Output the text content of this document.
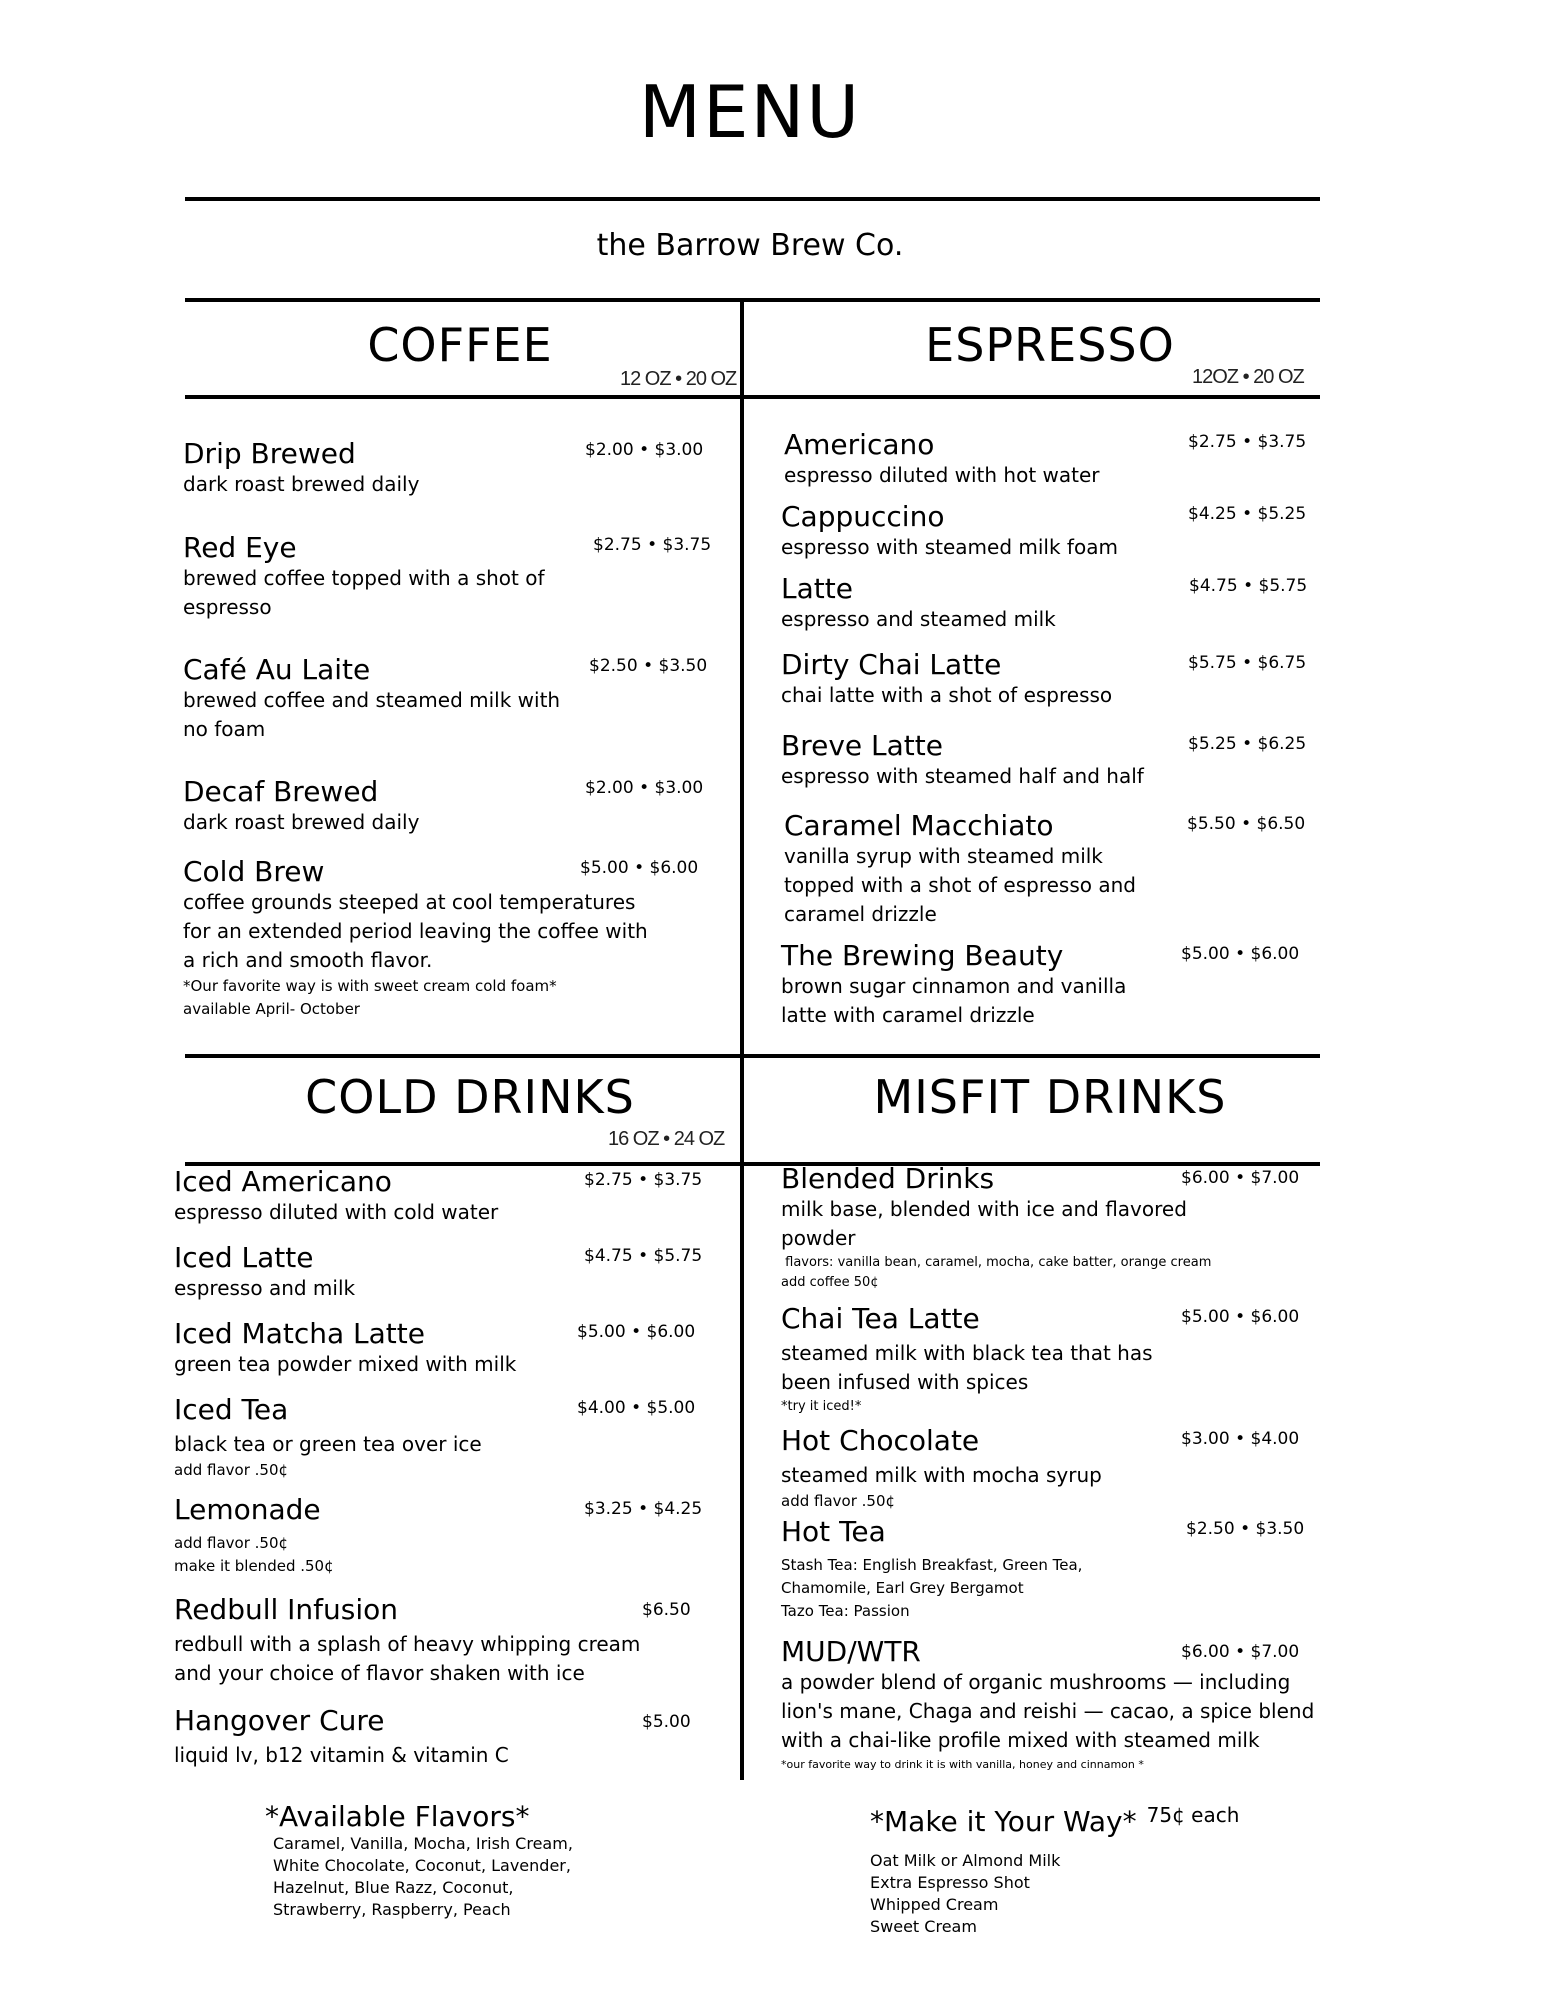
MENU
the Barrow Brew Co.
COFFEE
12 OZ • 20 OZ
ESPRESSO
12OZ • 20 OZ
Drip Brewed
dark roast brewed daily
$2.00 • $3.00
Red Eye
brewed coffee topped with a shot of
espresso
$2.75 • $3.75
Café Au Laite
brewed coffee and steamed milk with
no foam
$2.50 • $3.50
Decaf Brewed
dark roast brewed daily
$2.00 • $3.00
Cold Brew
coffee grounds steeped at cool temperatures
for an extended period leaving the coffee with
a rich and smooth flavor.
*Our favorite way is with sweet cream cold foam*
available April- October
$5.00 • $6.00
Americano
espresso diluted with hot water
$2.75 • $3.75
Cappuccino
espresso with steamed milk foam
$4.25 • $5.25
Latte
espresso and steamed milk
$4.75 • $5.75
Dirty Chai Latte
chai latte with a shot of espresso
$5.75 • $6.75
Breve Latte
espresso with steamed half and half
$5.25 • $6.25
Caramel Macchiato
vanilla syrup with steamed milk
topped with a shot of espresso and
caramel drizzle
$5.50 • $6.50
The Brewing Beauty
brown sugar cinnamon and vanilla
latte with caramel drizzle
$5.00 • $6.00
COLD DRINKS
16 OZ • 24 OZ
MISFIT DRINKS
Iced Americano
espresso diluted with cold water
$2.75 • $3.75
Iced Latte
espresso and milk
$4.75 • $5.75
Iced Matcha Latte
green tea powder mixed with milk
$5.00 • $6.00
Iced Tea
black tea or green tea over ice
add flavor .50¢
$4.00 • $5.00
Lemonade
add flavor .50¢
make it blended .50¢
$3.25 • $4.25
Redbull Infusion
redbull with a splash of heavy whipping cream
and your choice of flavor shaken with ice
$6.50
Hangover Cure
liquid lv, b12 vitamin & vitamin C
$5.00
Blended Drinks
milk base, blended with ice and flavored
powder
flavors: vanilla bean, caramel, mocha, cake batter, orange cream
add coffee 50¢
$6.00 • $7.00
Chai Tea Latte
steamed milk with black tea that has
been infused with spices
*try it iced!*
$5.00 • $6.00
Hot Chocolate
steamed milk with mocha syrup
add flavor .50¢
$3.00 • $4.00
Hot Tea
Stash Tea: English Breakfast, Green Tea,
Chamomile, Earl Grey Bergamot
Tazo Tea: Passion
$2.50 • $3.50
MUD/WTR
a powder blend of organic mushrooms — including
lion's mane, Chaga and reishi — cacao, a spice blend
with a chai-like profile mixed with steamed milk
*our favorite way to drink it is with vanilla, honey and cinnamon *
$6.00 • $7.00
*Available Flavors*
Caramel, Vanilla, Mocha, Irish Cream,
White Chocolate, Coconut, Lavender,
Hazelnut, Blue Razz, Coconut,
Strawberry, Raspberry, Peach
*Make it Your Way* 75¢ each
Oat Milk or Almond Milk
Extra Espresso Shot
Whipped Cream
Sweet Cream
